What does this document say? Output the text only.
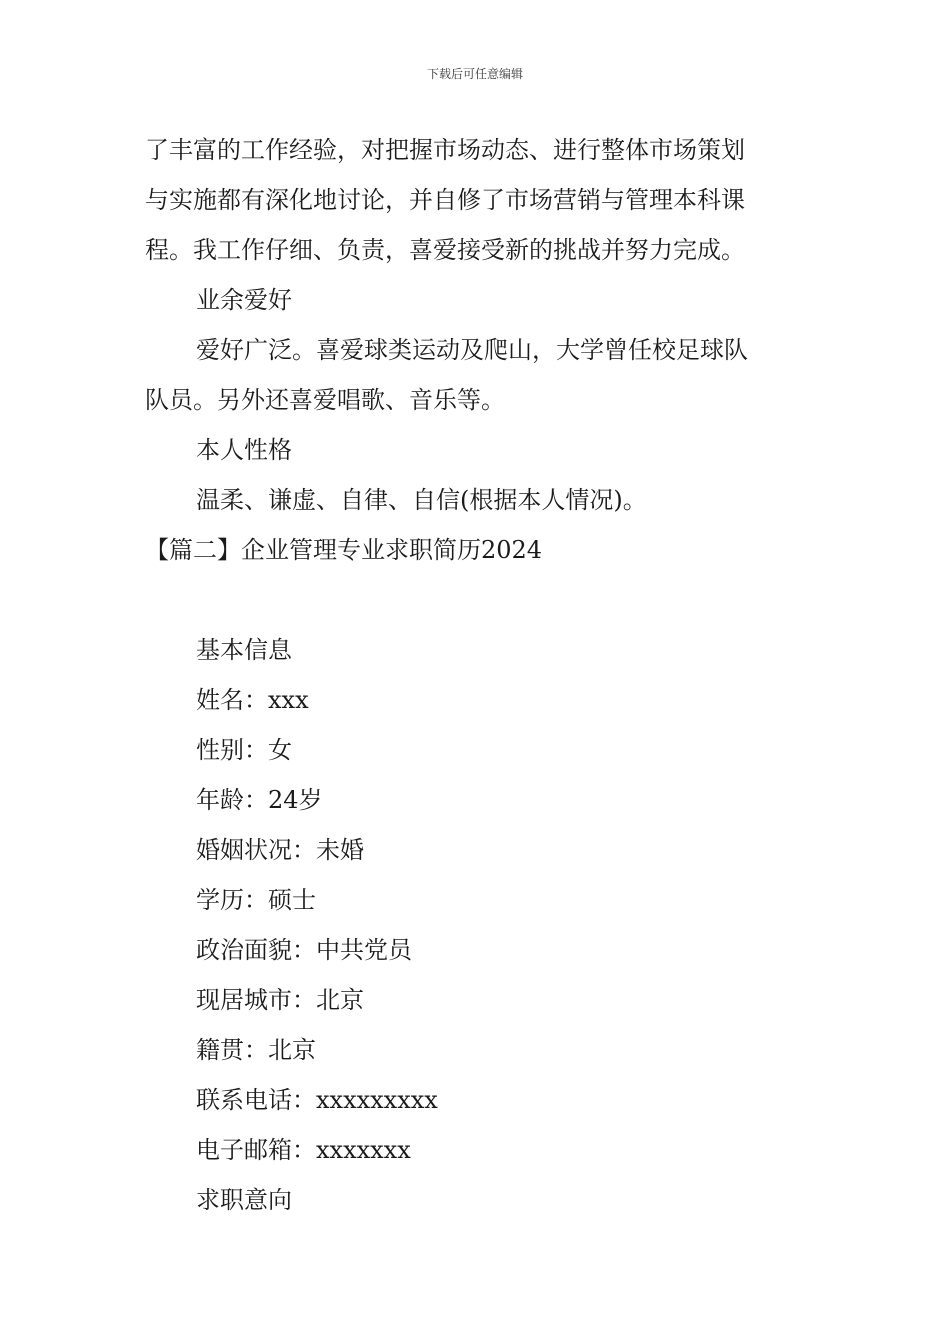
下载后可任意编辑

了丰富的工作经验，对把握市场动态、进行整体市场策划

与实施都有深化地讨论，并自修了市场营销与管理本科课

程。我工作仔细、负责，喜爱接受新的挑战并努力完成。

业余爱好

爱好广泛。喜爱球类运动及爬山，大学曾任校足球队

队员。另外还喜爱唱歌、音乐等。

本人性格

温柔、谦虚、自律、自信(根据本人情况)。

【篇二】企业管理专业求职简历2024

基本信息

姓名：xxx

性别：女

年龄：24岁

婚姻状况：未婚

学历：硕士

政治面貌：中共党员

现居城市：北京

籍贯：北京

联系电话：xxxxxxxxx

电子邮箱：xxxxxxx

求职意向
